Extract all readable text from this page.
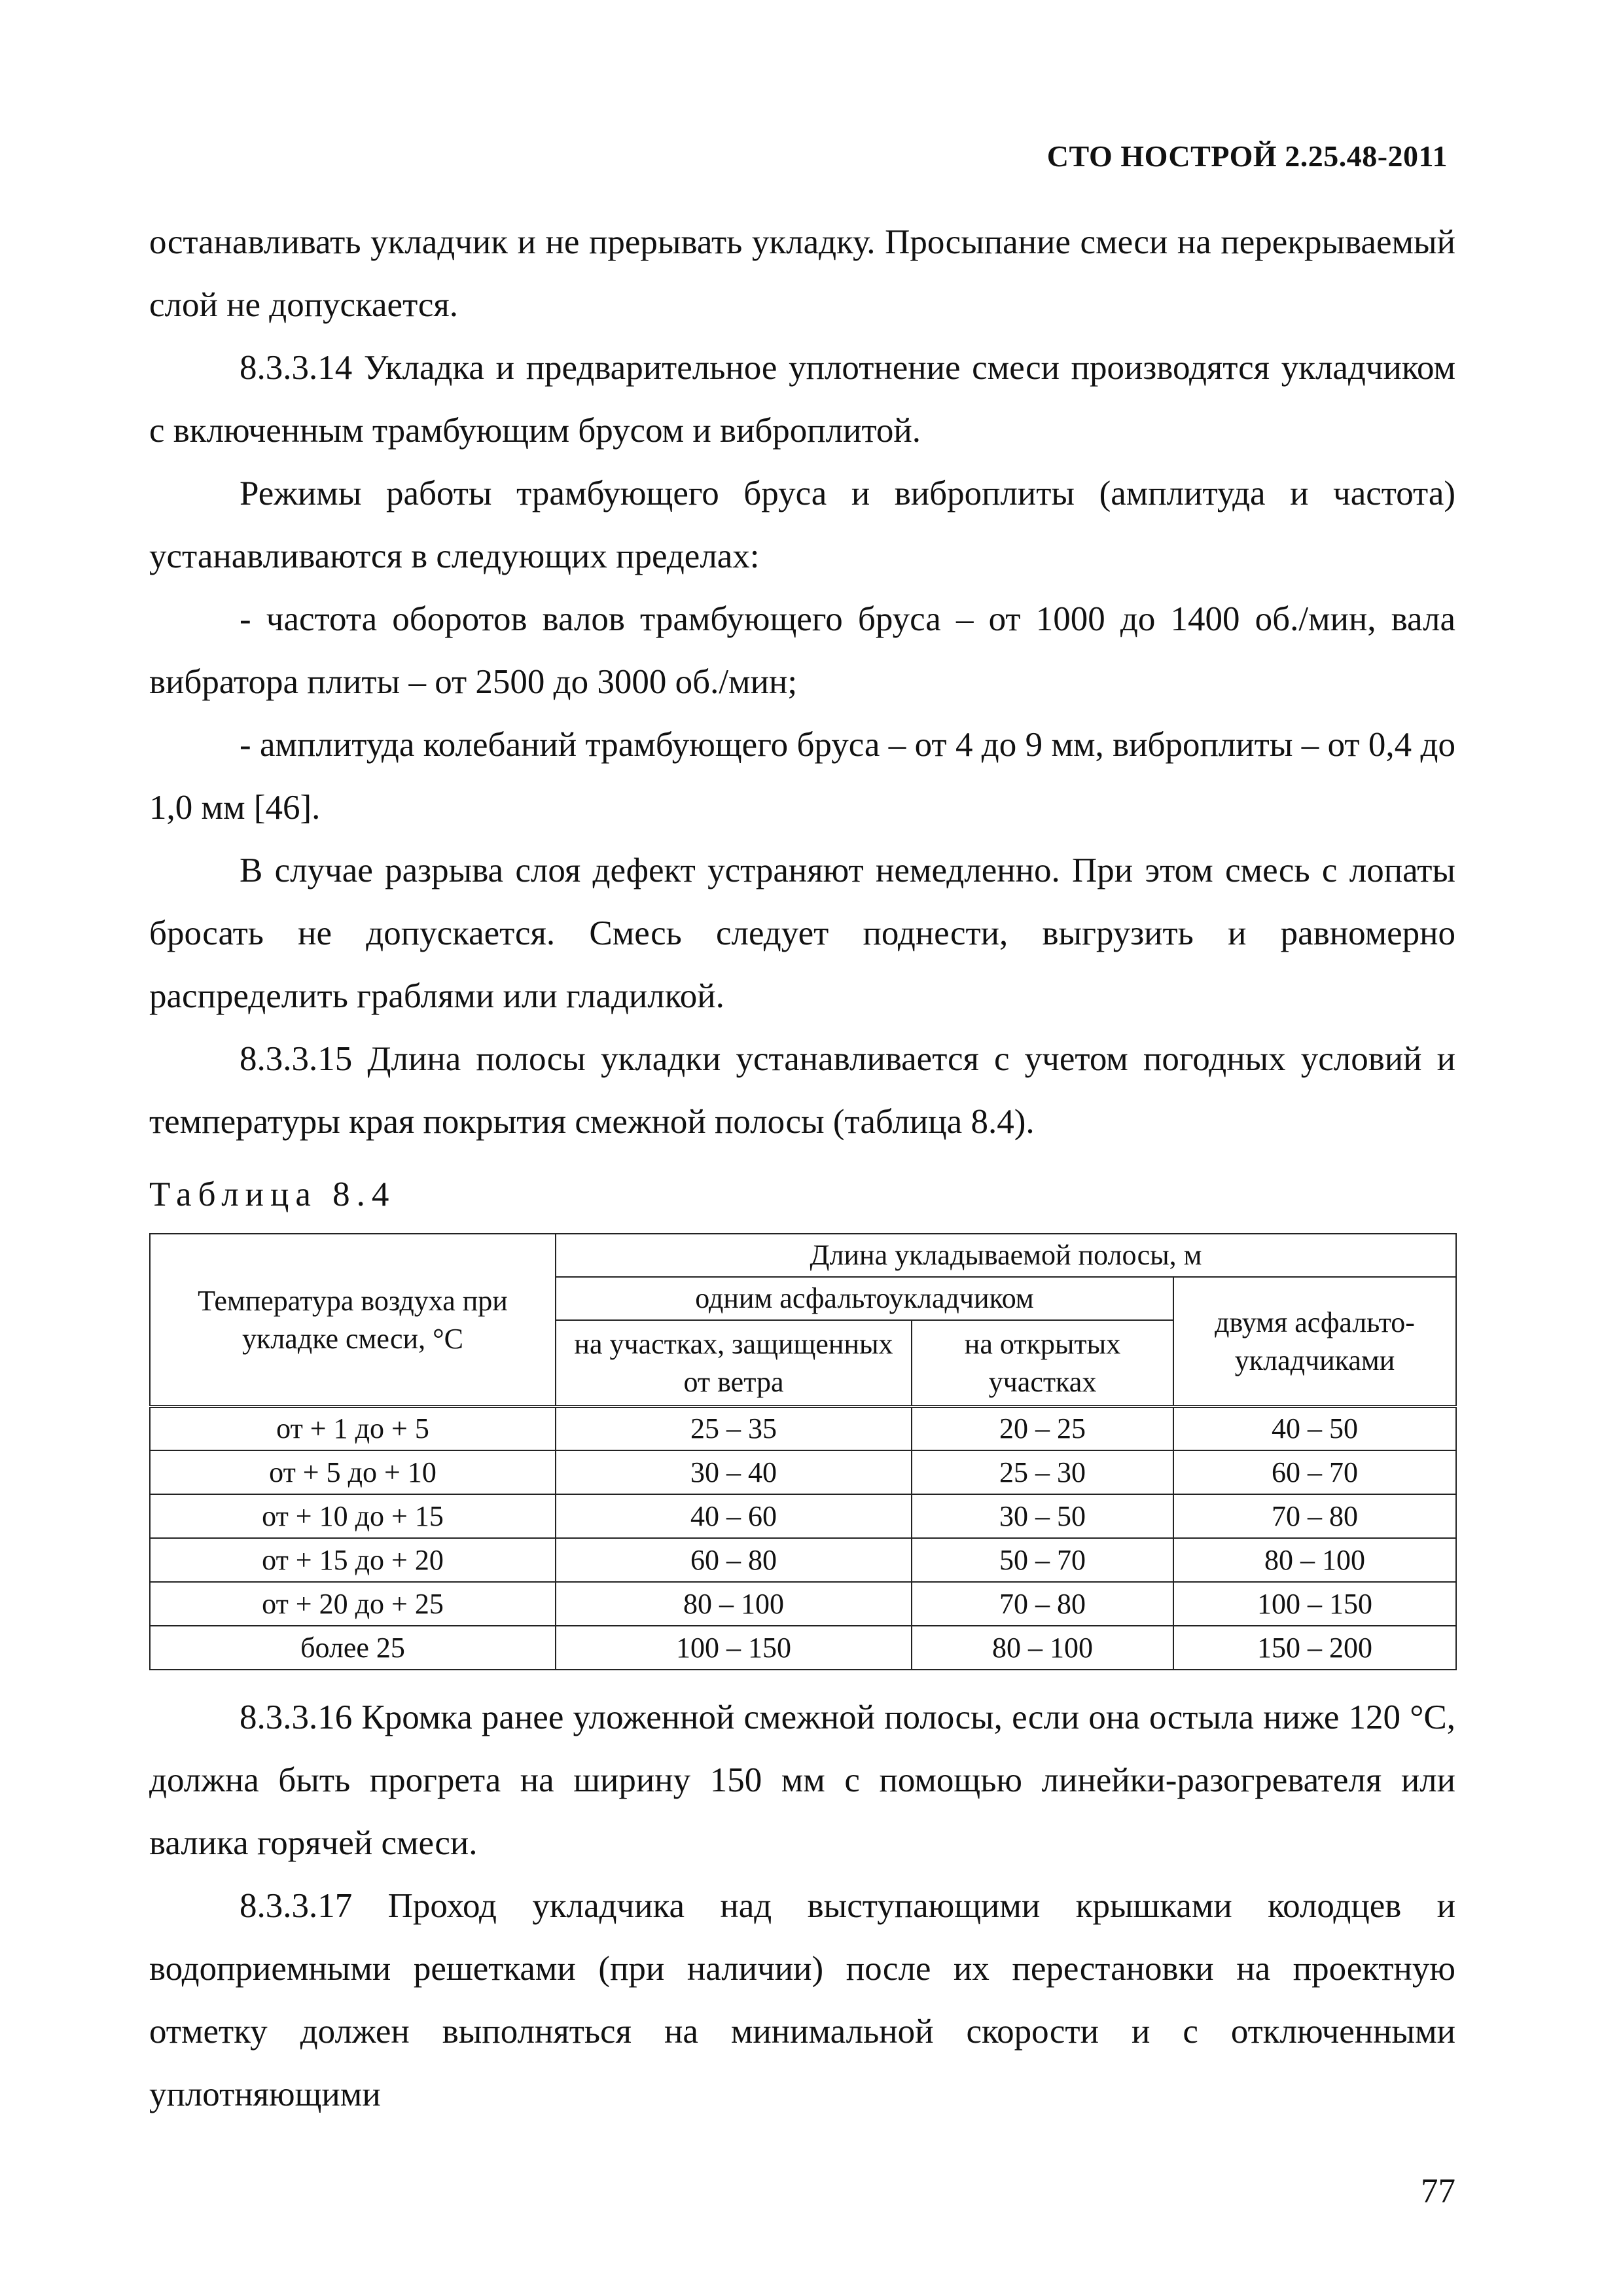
СТО НОСТРОЙ 2.25.48-2011

останавливать укладчик и не прерывать укладку. Просыпание смеси на перекрываемый слой не допускается.

8.3.3.14 Укладка и предварительное уплотнение смеси производятся укладчиком с включенным трамбующим брусом и виброплитой.

Режимы работы трамбующего бруса и виброплиты (амплитуда и частота) устанавливаются в следующих пределах:

- частота оборотов валов трамбующего бруса – от 1000 до 1400 об./мин, вала вибратора плиты – от 2500 до 3000 об./мин;

- амплитуда колебаний трамбующего бруса – от 4 до 9 мм, виброплиты – от 0,4 до 1,0 мм [46].

В случае разрыва слоя дефект устраняют немедленно. При этом смесь с лопаты бросать не допускается. Смесь следует поднести, выгрузить и равномерно распределить граблями или гладилкой.

8.3.3.15 Длина полосы укладки устанавливается с учетом погодных условий и температуры края покрытия смежной полосы (таблица 8.4).

Таблица 8.4
Температура воздуха при укладке смеси, °С	Длина укладываемой полосы, м		
	одним асфальтоукладчиком		двумя асфальто-укладчиками
	на участках, защищенных от ветра	на открытых участках	

от + 1 до + 5	25 – 35	20 – 25	40 – 50
от + 5 до + 10	30 – 40	25 – 30	60 – 70
от + 10 до + 15	40 – 60	30 – 50	70 – 80
от + 15 до + 20	60 – 80	50 – 70	80 – 100
от + 20 до + 25	80 – 100	70 – 80	100 – 150
более 25	100 – 150	80 – 100	150 – 200

8.3.3.16 Кромка ранее уложенной смежной полосы, если она остыла ниже 120 °С, должна быть прогрета на ширину 150 мм с помощью линейки-разогревателя или валика горячей смеси.

8.3.3.17 Проход укладчика над выступающими крышками колодцев и водоприемными решетками (при наличии) после их перестановки на проектную отметку должен выполняться на минимальной скорости и с отключенными уплотняющими

77
